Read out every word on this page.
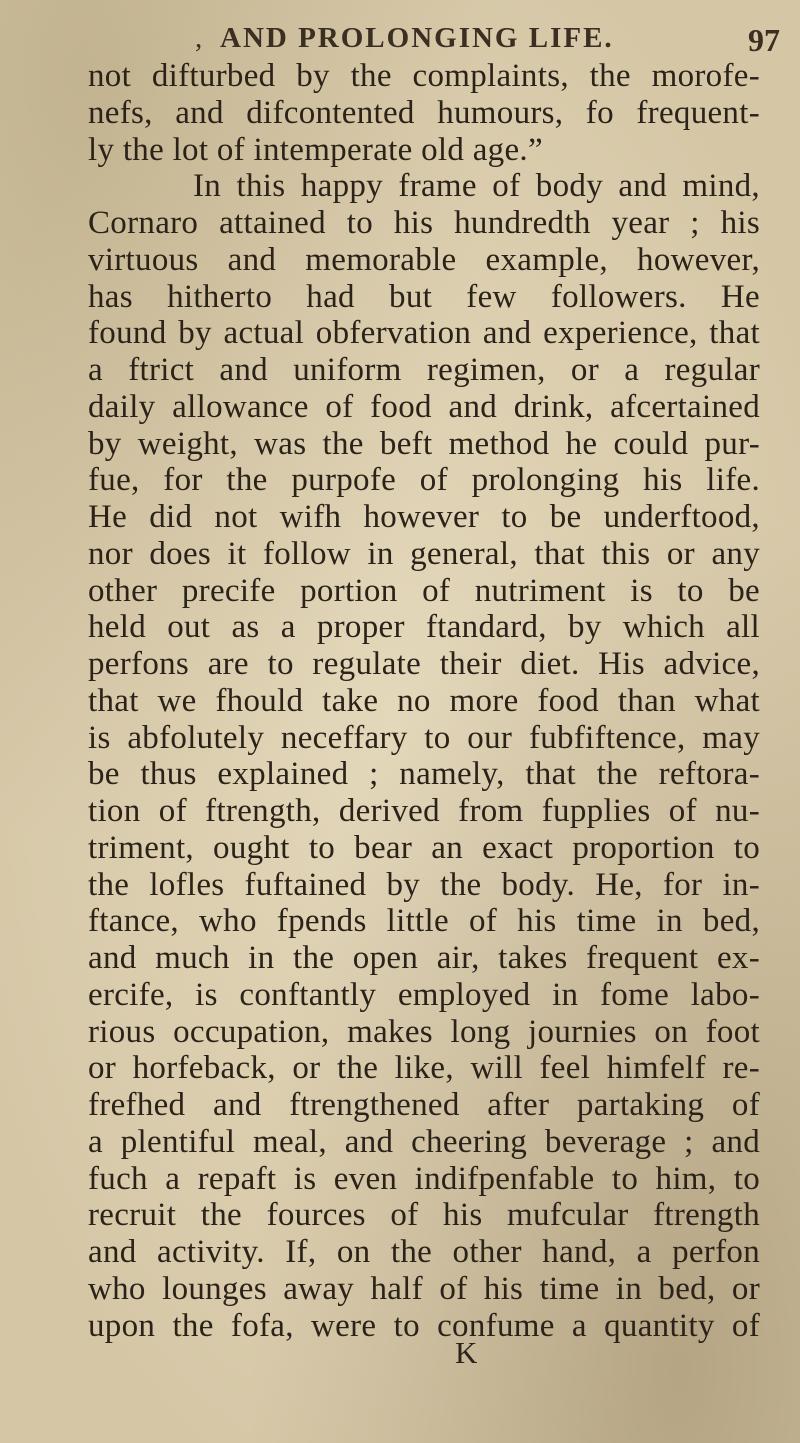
, AND PROLONGING LIFE.	97
not difturbed by the complaints, the morofe-
nefs, and difcontented humours, fo frequent-
ly the lot of intemperate old age.”
In this happy frame of body and mind,
Cornaro attained to his hundredth year ; his
virtuous and memorable example, however,
has hitherto had but few followers. He
found by actual obfervation and experience, that
a ftrict and uniform regimen, or a regular
daily allowance of food and drink, afcertained
by weight, was the beft method he could pur-
fue, for the purpofe of prolonging his life.
He did not wifh however to be underftood,
nor does it follow in general, that this or any
other precife portion of nutriment is to be
held out as a proper ftandard, by which all
perfons are to regulate their diet. His advice,
that we fhould take no more food than what
is abfolutely neceffary to our fubfiftence, may
be thus explained ; namely, that the reftora-
tion of ftrength, derived from fupplies of nu-
triment, ought to bear an exact proportion to
the lofles fuftained by the body. He, for in-
ftance, who fpends little of his time in bed,
and much in the open air, takes frequent ex-
ercife, is conftantly employed in fome labo-
rious occupation, makes long journies on foot
or horfeback, or the like, will feel himfelf re-
frefhed and ftrengthened after partaking of
a plentiful meal, and cheering beverage ; and
fuch a repaft is even indifpenfable to him, to
recruit the fources of his mufcular ftrength
and activity. If, on the other hand, a perfon
who lounges away half of his time in bed, or
upon the fofa, were to confume a quantity of
K
